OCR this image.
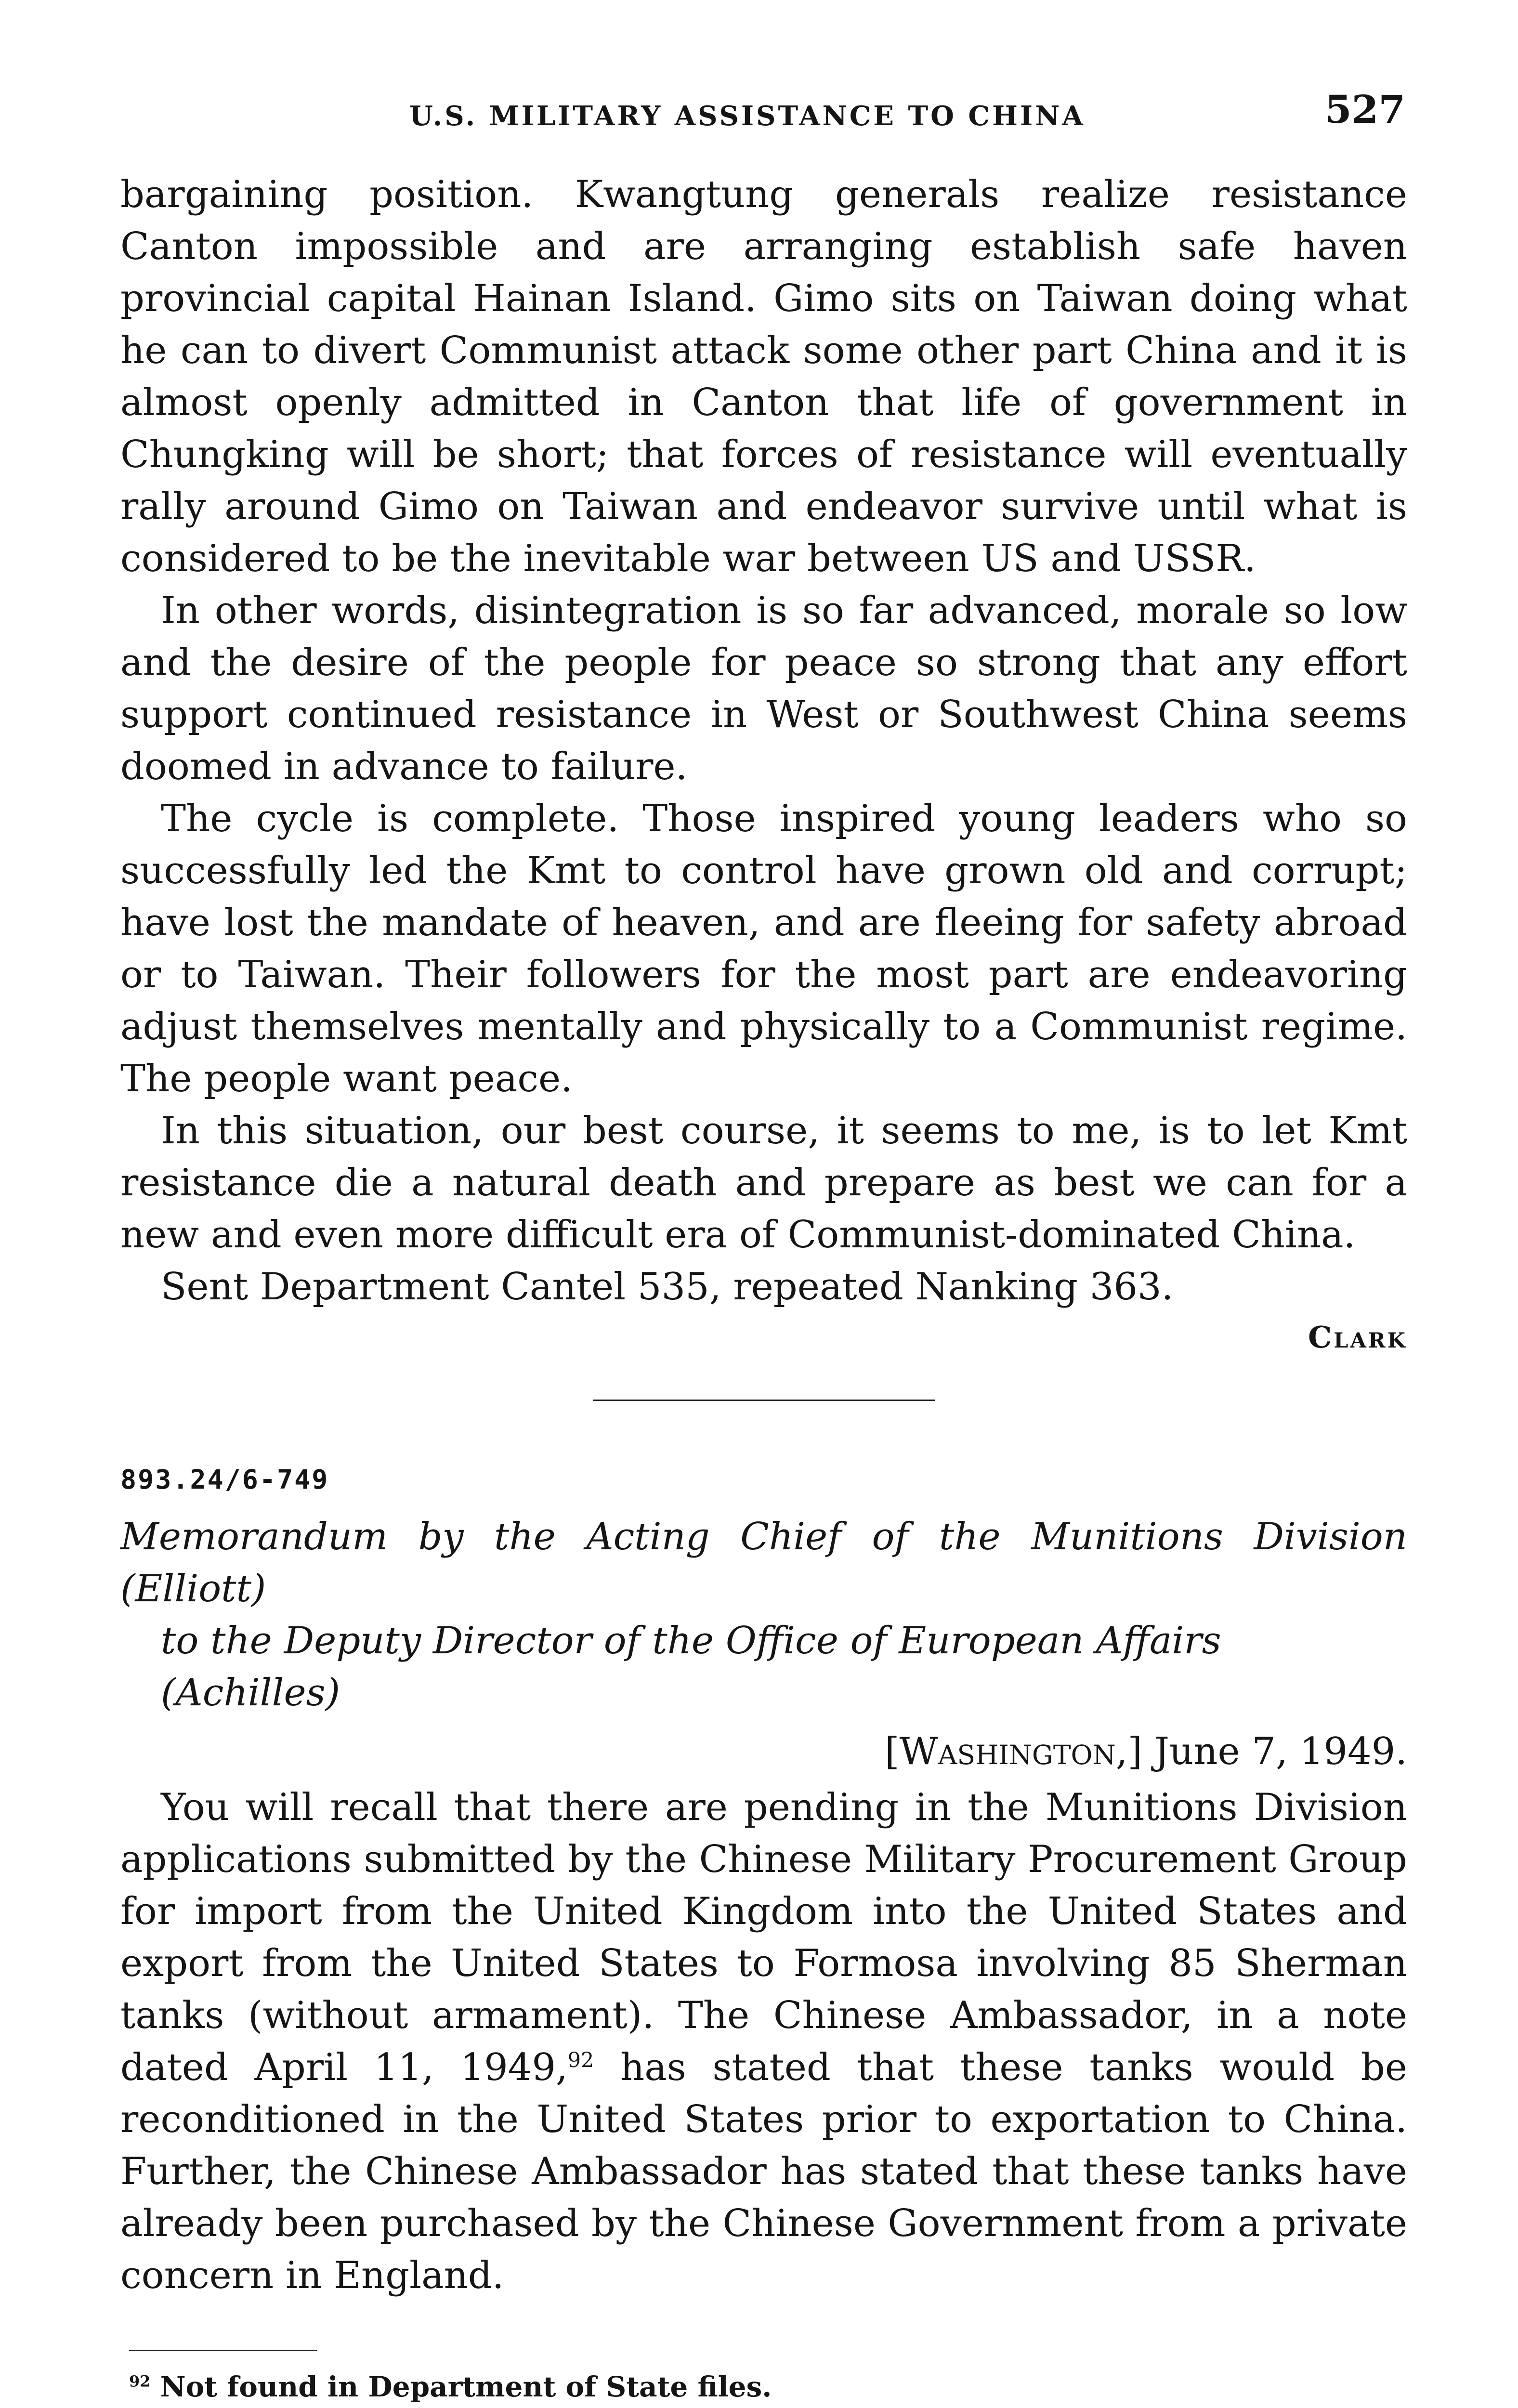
U.S. MILITARY ASSISTANCE TO CHINA	527

bargaining position. Kwangtung generals realize resistance Canton impossible and are arranging establish safe haven provincial capital Hainan Island. Gimo sits on Taiwan doing what he can to divert Communist attack some other part China and it is almost openly admitted in Canton that life of government in Chungking will be short; that forces of resistance will eventually rally around Gimo on Taiwan and endeavor survive until what is considered to be the inevitable war between US and USSR.

In other words, disintegration is so far advanced, morale so low and the desire of the people for peace so strong that any effort support continued resistance in West or Southwest China seems doomed in advance to failure.

The cycle is complete. Those inspired young leaders who so successfully led the Kmt to control have grown old and corrupt; have lost the mandate of heaven, and are fleeing for safety abroad or to Taiwan. Their followers for the most part are endeavoring adjust themselves mentally and physically to a Communist regime. The people want peace.

In this situation, our best course, it seems to me, is to let Kmt resistance die a natural death and prepare as best we can for a new and even more difficult era of Communist-dominated China.

Sent Department Cantel 535, repeated Nanking 363.

Clark
893.24/6-749
Memorandum by the Acting Chief of the Munitions Division (Elliott)
to the Deputy Director of the Office of European Affairs
(Achilles)
[Washington,] June 7, 1949.

You will recall that there are pending in the Munitions Division applications submitted by the Chinese Military Procurement Group for import from the United Kingdom into the United States and export from the United States to Formosa involving 85 Sherman tanks (without armament). The Chinese Ambassador, in a note dated April 11, 1949,92 has stated that these tanks would be reconditioned in the United States prior to exportation to China. Further, the Chinese Ambassador has stated that these tanks have already been purchased by the Chinese Government from a private concern in England.

$^{92}$ Not found in Department of State files.
